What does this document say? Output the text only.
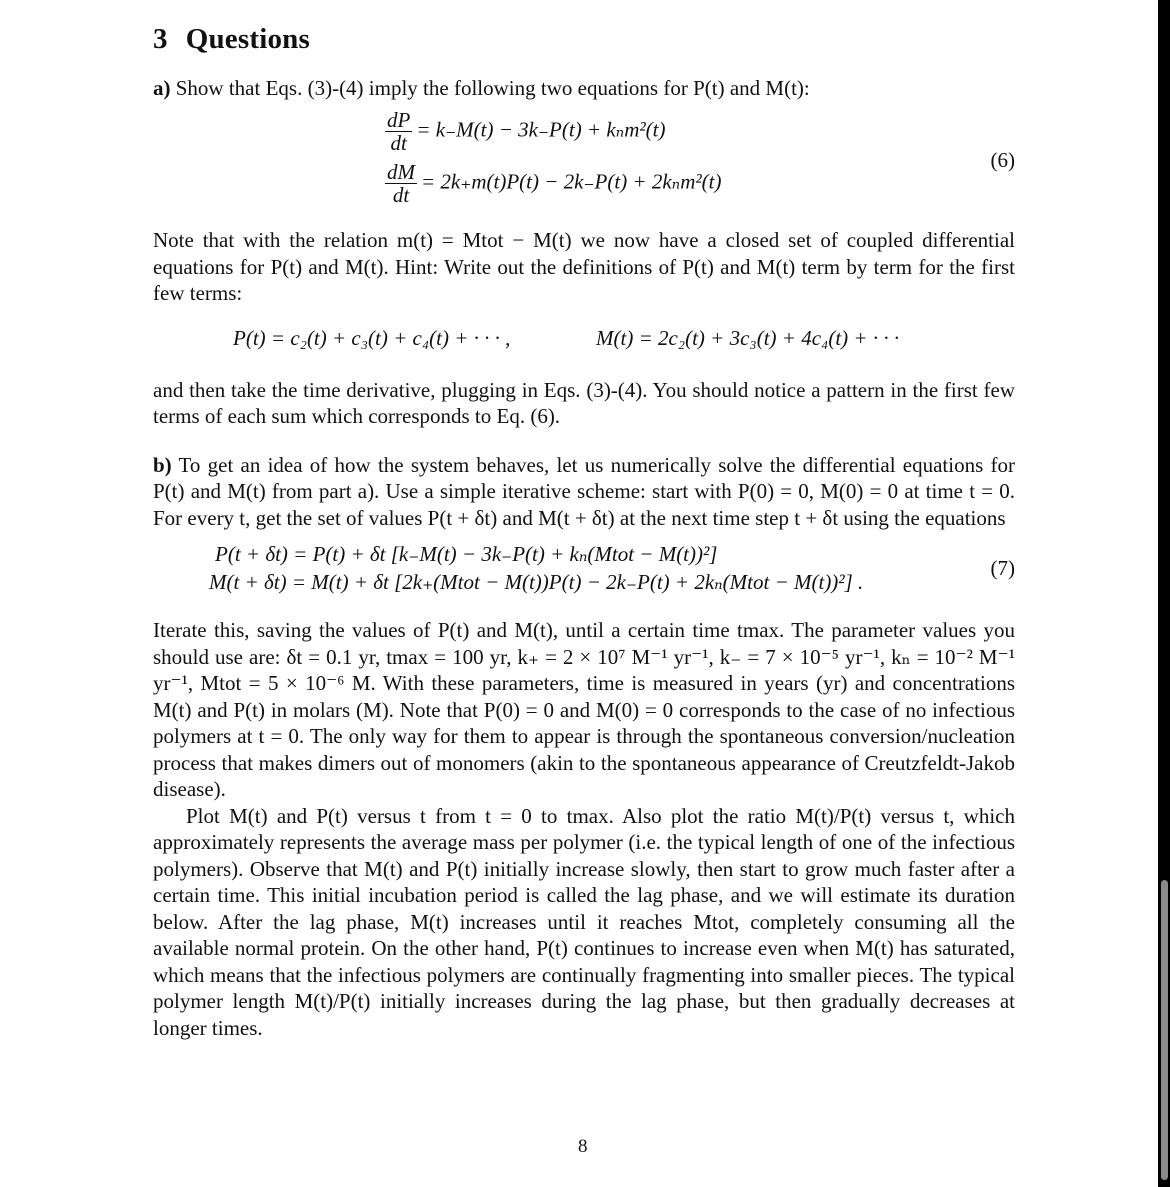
3 Questions

a) Show that Eqs. (3)-(4) imply the following two equations for P(t) and M(t):

$\frac{dP}{dt} = k_-M(t) - 3k_-P(t) + k_nm^2(t)$
$\frac{dM}{dt} = 2k_+m(t)P(t) - 2k_-P(t) + 2k_nm^2(t)$
(6)

Note that with the relation m(t) = Mtot − M(t) we now have a closed set of coupled differential equations for P(t) and M(t). Hint: Write out the definitions of P(t) and M(t) term by term for the first few terms:

P(t) = c₂(t) + c₃(t) + c₄(t) + · · · ,	M(t) = 2c₂(t) + 3c₃(t) + 4c₄(t) + · · ·

and then take the time derivative, plugging in Eqs. (3)-(4). You should notice a pattern in the first few terms of each sum which corresponds to Eq. (6).

b) To get an idea of how the system behaves, let us numerically solve the differential equations for P(t) and M(t) from part a). Use a simple iterative scheme: start with P(0) = 0, M(0) = 0 at time t = 0. For every t, get the set of values P(t + δt) and M(t + δt) at the next time step t + δt using the equations

P(t + δt) = P(t) + δt [k₋M(t) − 3k₋P(t) + kₙ(Mtot − M(t))²]
M(t + δt) = M(t) + δt [2k₊(Mtot − M(t))P(t) − 2k₋P(t) + 2kₙ(Mtot − M(t))²] .
(7)

Iterate this, saving the values of P(t) and M(t), until a certain time tmax. The parameter values you should use are: δt = 0.1 yr, tmax = 100 yr, k₊ = 2 × 10⁷ M⁻¹ yr⁻¹, k₋ = 7 × 10⁻⁵ yr⁻¹, kₙ = 10⁻² M⁻¹ yr⁻¹, Mtot = 5 × 10⁻⁶ M. With these parameters, time is measured in years (yr) and concentrations M(t) and P(t) in molars (M). Note that P(0) = 0 and M(0) = 0 corresponds to the case of no infectious polymers at t = 0. The only way for them to appear is through the spontaneous conversion/nucleation process that makes dimers out of monomers (akin to the spontaneous appearance of Creutzfeldt-Jakob disease).

Plot M(t) and P(t) versus t from t = 0 to tmax. Also plot the ratio M(t)/P(t) versus t, which approximately represents the average mass per polymer (i.e. the typical length of one of the infectious polymers). Observe that M(t) and P(t) initially increase slowly, then start to grow much faster after a certain time. This initial incubation period is called the lag phase, and we will estimate its duration below. After the lag phase, M(t) increases until it reaches Mtot, completely consuming all the available normal protein. On the other hand, P(t) continues to increase even when M(t) has saturated, which means that the infectious polymers are continually fragmenting into smaller pieces. The typical polymer length M(t)/P(t) initially increases during the lag phase, but then gradually decreases at longer times.

8
